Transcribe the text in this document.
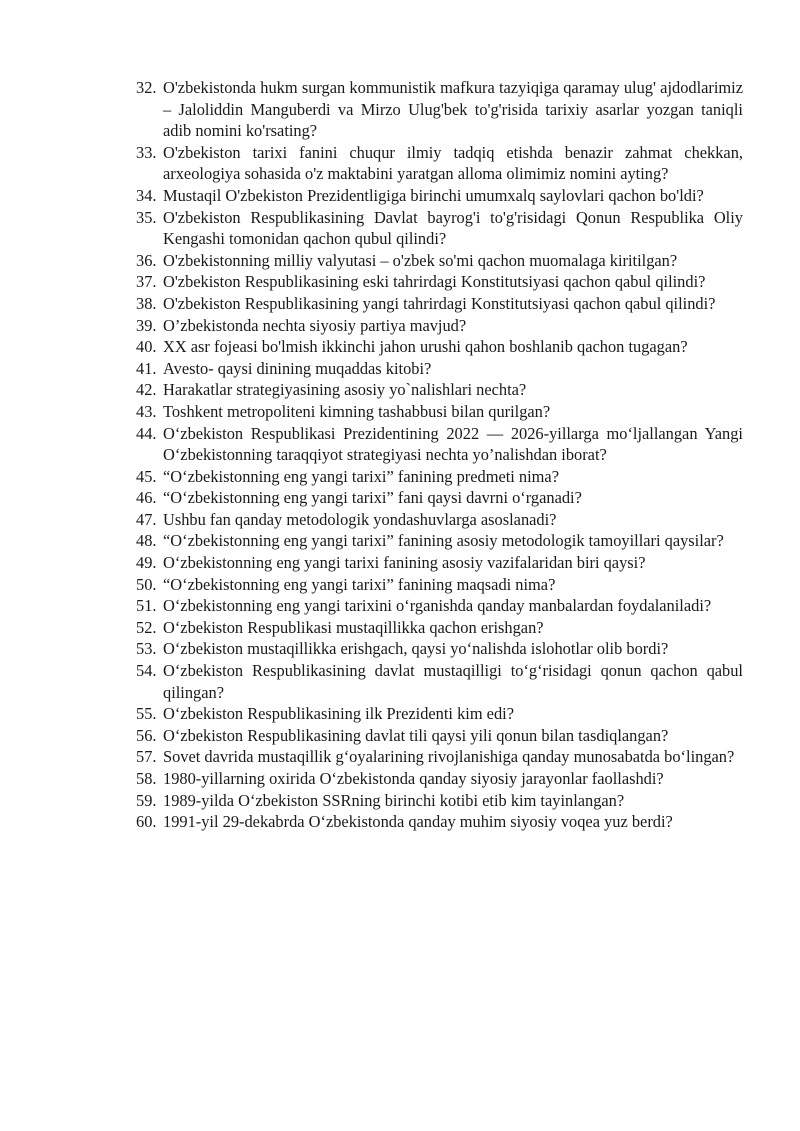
32. O'zbekistonda hukm surgan kommunistik mafkura tazyiqiga qaramay ulug' ajdodlarimiz – Jaloliddin Manguberdi va Mirzo Ulug'bek to'g'risida tarixiy asarlar yozgan taniqli adib nomini ko'rsating?
33. O'zbekiston tarixi fanini chuqur ilmiy tadqiq etishda benazir zahmat chekkan, arxeologiya sohasida o'z maktabini yaratgan alloma olimimiz nomini ayting?
34. Mustaqil O'zbekiston Prezidentligiga birinchi umumxalq saylovlari qachon bo'ldi?
35. O'zbekiston Respublikasining Davlat bayrog'i to'g'risidagi Qonun Respublika Oliy Kengashi tomonidan qachon qubul qilindi?
36. O'zbekistonning milliy valyutasi – o'zbek so'mi qachon muomalaga kiritilgan?
37. O'zbekiston Respublikasining eski tahrirdagi Konstitutsiyasi qachon qabul qilindi?
38. O'zbekiston Respublikasining yangi tahrirdagi Konstitutsiyasi qachon qabul qilindi?
39. O’zbekistonda nechta siyosiy partiya mavjud?
40. XX asr fojeasi bo'lmish ikkinchi jahon urushi qahon boshlanib qachon tugagan?
41. Avesto- qaysi dinining muqaddas kitobi?
42. Harakatlar strategiyasining asosiy yo`nalishlari nechta?
43. Toshkent metropoliteni kimning tashabbusi bilan qurilgan?
44. O‘zbekiston Respublikasi Prezidentining 2022 — 2026-yillarga mo‘ljallangan Yangi O‘zbekistonning taraqqiyot strategiyasi nechta yo’nalishdan iborat?
45. “O‘zbekistonning eng yangi tarixi” fanining predmeti nima?
46. “O‘zbekistonning eng yangi tarixi” fani qaysi davrni o‘rganadi?
47. Ushbu fan qanday metodologik yondashuvlarga asoslanadi?
48. “O‘zbekistonning eng yangi tarixi” fanining asosiy metodologik tamoyillari qaysilar?
49. O‘zbekistonning eng yangi tarixi fanining asosiy vazifalaridan biri qaysi?
50. “O‘zbekistonning eng yangi tarixi” fanining maqsadi nima?
51. O‘zbekistonning eng yangi tarixini o‘rganishda qanday manbalardan foydalaniladi?
52. O‘zbekiston Respublikasi mustaqillikka qachon erishgan?
53. O‘zbekiston mustaqillikka erishgach, qaysi yo‘nalishda islohotlar olib bordi?
54. O‘zbekiston Respublikasining davlat mustaqilligi to‘g‘risidagi qonun qachon qabul qilingan?
55. O‘zbekiston Respublikasining ilk Prezidenti kim edi?
56. O‘zbekiston Respublikasining davlat tili qaysi yili qonun bilan tasdiqlangan?
57. Sovet davrida mustaqillik g‘oyalarining rivojlanishiga qanday munosabatda bo‘lingan?
58. 1980-yillarning oxirida O‘zbekistonda qanday siyosiy jarayonlar faollashdi?
59. 1989-yilda O‘zbekiston SSRning birinchi kotibi etib kim tayinlangan?
60. 1991-yil 29-dekabrda O‘zbekistonda qanday muhim siyosiy voqea yuz berdi?
